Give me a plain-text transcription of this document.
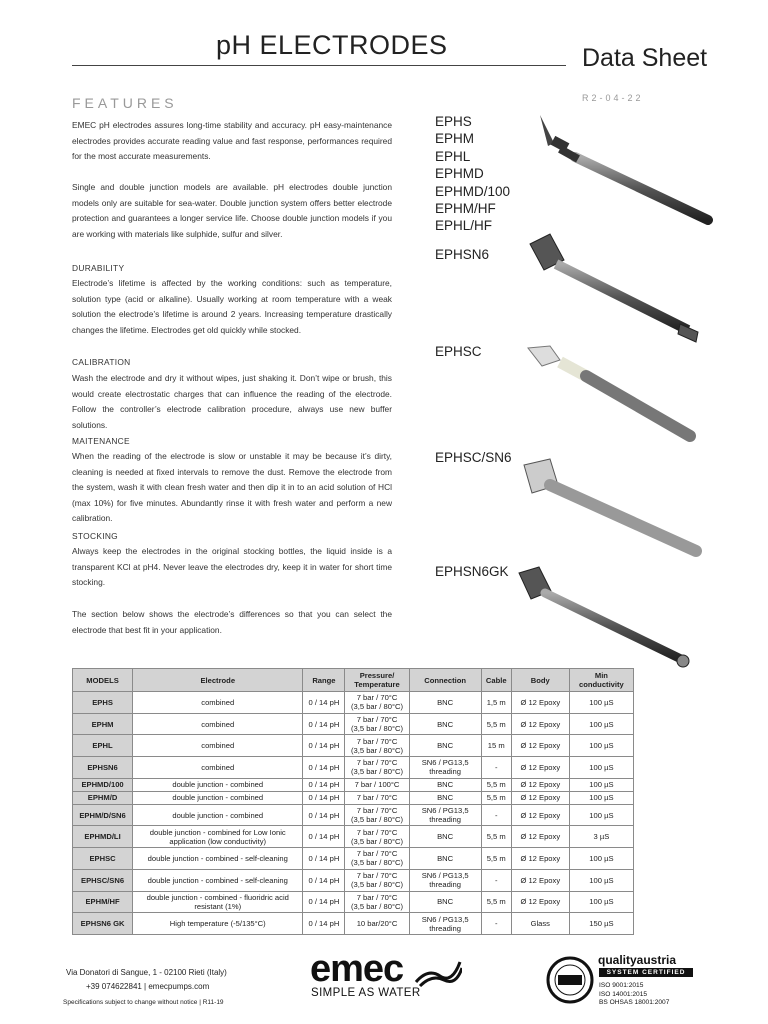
pH ELECTRODES	Data Sheet
R2-04-22
FEATURES
EMEC pH electrodes assures long-time stability and accuracy. pH easy-maintenance electrodes provides accurate reading value and fast response, performances required for the most accurate measurements.
Single and double junction models are available. pH electrodes double junction models only are suitable for sea-water. Double junction system offers better electrode protection and guarantees a longer service life. Choose double junction models if you are working with materials like sulphide, sulfur and silver.
DURABILITY
Electrode’s lifetime is affected by the working conditions: such as temperature, solution type (acid or alkaline). Usually working at room temperature with a weak solution the electrode’s lifetime is around 2 years. Increasing temperature drastically changes the lifetime. Electrodes get old quickly while stocked.
CALIBRATION
Wash the electrode and dry it without wipes, just shaking it. Don’t wipe or brush, this would create electrostatic charges that can influence the reading of the electrode. Follow the controller’s electrode calibration procedure, always use new buffer solutions.
MAITENANCE
When the reading of the electrode is slow or unstable it may be because it’s dirty, cleaning is needed at fixed intervals to remove the dust. Remove the electrode from the system, wash it with clean fresh water and then dip it in to an acid solution of HCl (max 10%) for five minutes. Abundantly rinse it with fresh water and perform a new calibration.
STOCKING
Always keep the electrodes in the original stocking bottles, the liquid inside is a transparent KCl at pH4. Never leave the electrodes dry, keep it in water for short time stocking.
The section below shows the electrode’s differences so that you can select the electrode that best fit in your application.
EPHS
EPHM
EPHL
EPHMD
EPHMD/100
EPHM/HF
EPHL/HF
EPHSN6
EPHSC
EPHSC/SN6
EPHSN6GK
MODELS	Electrode	Range	Pressure/ Temperature	Connection	Cable	Body	Min conductivity
EPHS	combined	0 / 14 pH	7 bar / 70°C
(3,5 bar / 80°C)	BNC	1,5 m	Ø 12 Epoxy	100 µS
EPHM	combined	0 / 14 pH	7 bar / 70°C
(3,5 bar / 80°C)	BNC	5,5 m	Ø 12 Epoxy	100 µS
EPHL	combined	0 / 14 pH	7 bar / 70°C
(3,5 bar / 80°C)	BNC	15 m	Ø 12 Epoxy	100 µS
EPHSN6	combined	0 / 14 pH	7 bar / 70°C
(3,5 bar / 80°C)	SN6 / PG13,5
threading	-	Ø 12 Epoxy	100 µS
EPHMD/100	double junction - combined	0 / 14 pH	7 bar / 100°C	BNC	5,5 m	Ø 12 Epoxy	100 µS
EPHM/D	double junction - combined	0 / 14 pH	7 bar / 70°C	BNC	5,5 m	Ø 12 Epoxy	100 µS
EPHM/D/SN6	double junction - combined	0 / 14 pH	7 bar / 70°C
(3,5 bar / 80°C)	SN6 / PG13,5
threading	-	Ø 12 Epoxy	100 µS
EPHMD/LI	double junction - combined for Low Ionic
application (low conductivity)	0 / 14 pH	7 bar / 70°C
(3,5 bar / 80°C)	BNC	5,5 m	Ø 12 Epoxy	3 µS
EPHSC	double junction - combined - self-cleaning	0 / 14 pH	7 bar / 70°C
(3,5 bar / 80°C)	BNC	5,5 m	Ø 12 Epoxy	100 µS
EPHSC/SN6	double junction - combined - self-cleaning	0 / 14 pH	7 bar / 70°C
(3,5 bar / 80°C)	SN6 / PG13,5
threading	-	Ø 12 Epoxy	100 µS
EPHM/HF	double junction - combined - fluoridric acid
resistant (1%)	0 / 14 pH	7 bar / 70°C
(3,5 bar / 80°C)	BNC	5,5 m	Ø 12 Epoxy	100 µS
EPHSN6 GK	High temperature (-5/135°C)	0 / 14 pH	10 bar/20°C	SN6 / PG13,5
threading	-	Glass	150 µS
Via Donatori di Sangue, 1 - 02100 Rieti (Italy)
+39 074622841 | emecpumps.com
Specifications subject to change without notice | R11-19
emec
SIMPLE AS WATER
qualityaustria
SYSTEM CERTIFIED
ISO 9001:2015
ISO 14001:2015
BS OHSAS 18001:2007
